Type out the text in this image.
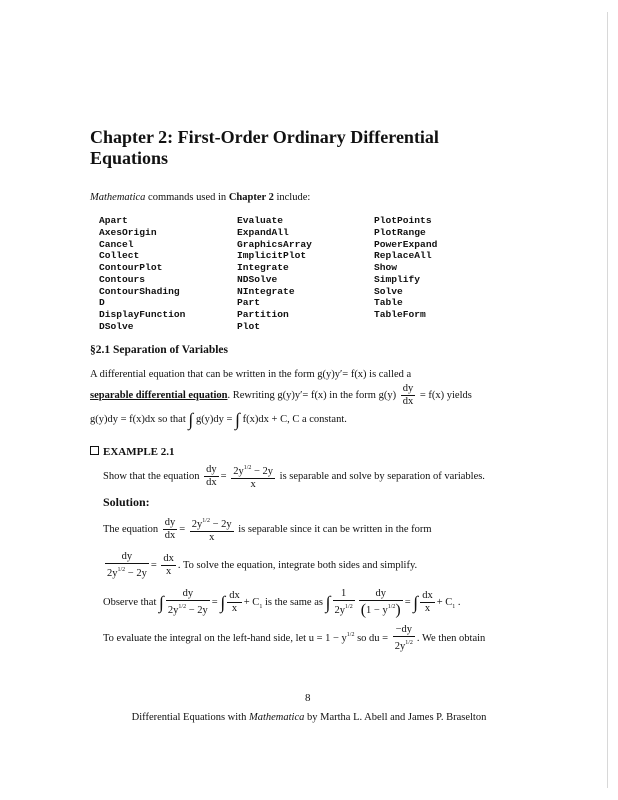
Chapter 2: First-Order Ordinary Differential Equations
Mathematica commands used in Chapter 2 include:
Apart
AxesOrigin
Cancel
Collect
ContourPlot
Contours
ContourShading
D
DisplayFunction
DSolve
Evaluate
ExpandAll
GraphicsArray
ImplicitPlot
Integrate
NDSolve
NIntegrate
Part
Partition
Plot
PlotPoints
PlotRange
PowerExpand
ReplaceAll
Show
Simplify
Solve
Table
TableForm
§2.1 Separation of Variables
A differential equation that can be written in the form g(y)y′= f(x) is called a
separable differential equation. Rewriting g(y)y′= f(x) in the form $g(y) \frac{dy}{dx} = f(x)$ yields
g(y)dy = f(x)dx so that ∫ g(y)dy = ∫ f(x)dx + C, C a constant.
EXAMPLE 2.1
Show that the equation $\frac{dy}{dx} = \frac{2y^{1/2} - 2y}{x}$ is separable and solve by separation of variables.
Solution:
The equation $\frac{dy}{dx} = \frac{2y^{1/2} - 2y}{x}$ is separable since it can be written in the form
$\frac{dy}{2y^{1/2} - 2y} = \frac{dx}{x}$ . To solve the equation, integrate both sides and simplify.
Observe that ∫ $\frac{dy}{2y^{1/2} - 2y}$ = ∫ $\frac{dx}{x} + C_1$ is the same as ∫ $\frac{1}{2y^{1/2}} \frac{dy}{(1 - y^{1/2})}$ = ∫ $\frac{dx}{x} + C_1$ .
To evaluate the integral on the left-hand side, let $u = 1 - y^{1/2}$ so du = $\frac{-dy}{2y^{1/2}}$ . We then obtain
8
Differential Equations with Mathematica by Martha L. Abell and James P. Braselton
